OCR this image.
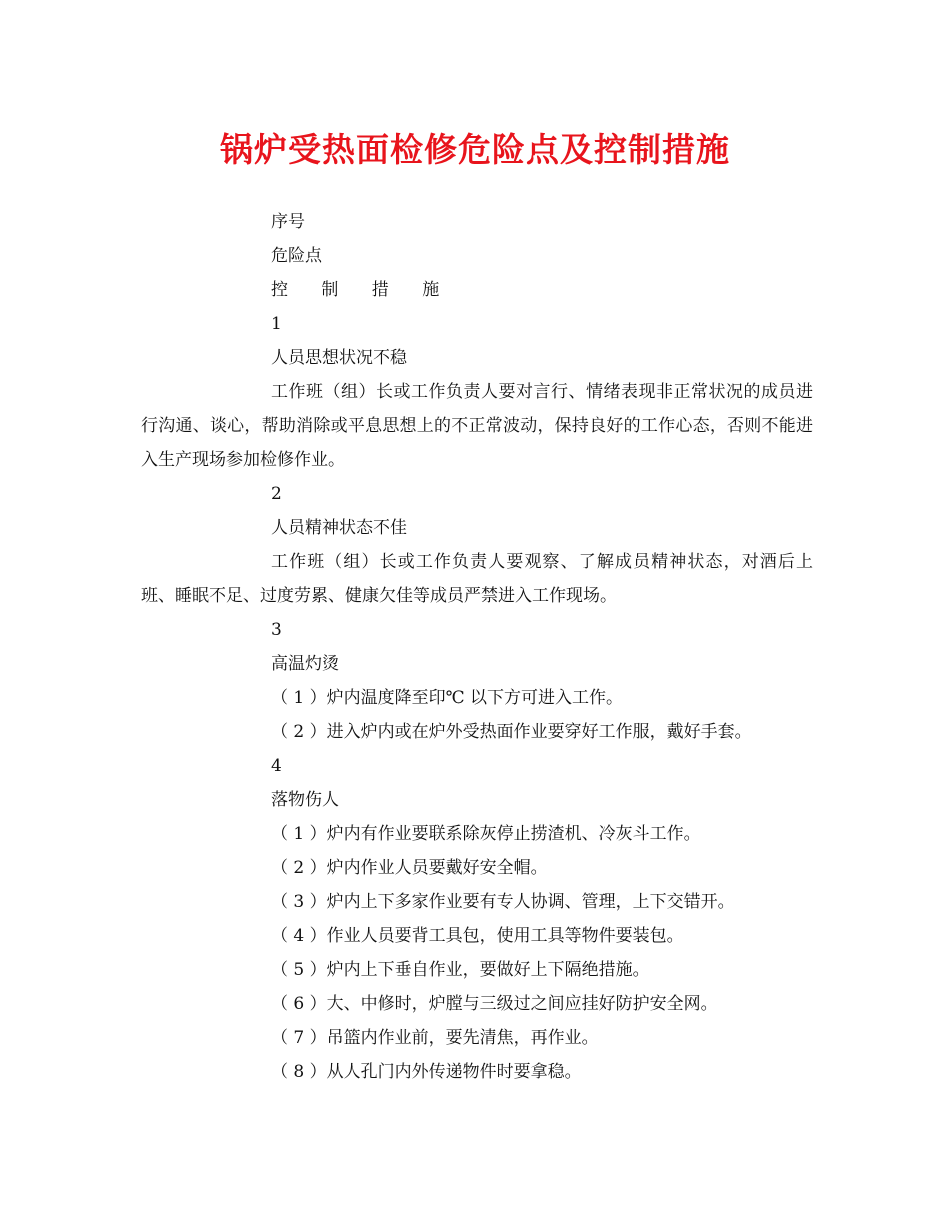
锅炉受热面检修危险点及控制措施

序号

危险点

控 制 措 施

1

人员思想状况不稳

工作班（组）长或工作负责人要对言行、情绪表现非正常状况的成员进行沟通、谈心，帮助消除或平息思想上的不正常波动，保持良好的工作心态，否则不能进入生产现场参加检修作业。

2

人员精神状态不佳

工作班（组）长或工作负责人要观察、了解成员精神状态，对酒后上班、睡眠不足、过度劳累、健康欠佳等成员严禁进入工作现场。

3

高温灼烫

（ 1 ）炉内温度降至印℃ 以下方可进入工作。

（ 2 ）进入炉内或在炉外受热面作业要穿好工作服，戴好手套。

4

落物伤人

（ 1 ）炉内有作业要联系除灰停止捞渣机、冷灰斗工作。

（ 2 ）炉内作业人员要戴好安全帽。

（ 3 ）炉内上下多家作业要有专人协调、管理，上下交错开。

（ 4 ）作业人员要背工具包，使用工具等物件要装包。

（ 5 ）炉内上下垂自作业，要做好上下隔绝措施。

（ 6 ）大、中修时，炉膛与三级过之间应挂好防护安全网。

（ 7 ）吊篮内作业前，要先清焦，再作业。

（ 8 ）从人孔门内外传递物件时要拿稳。
